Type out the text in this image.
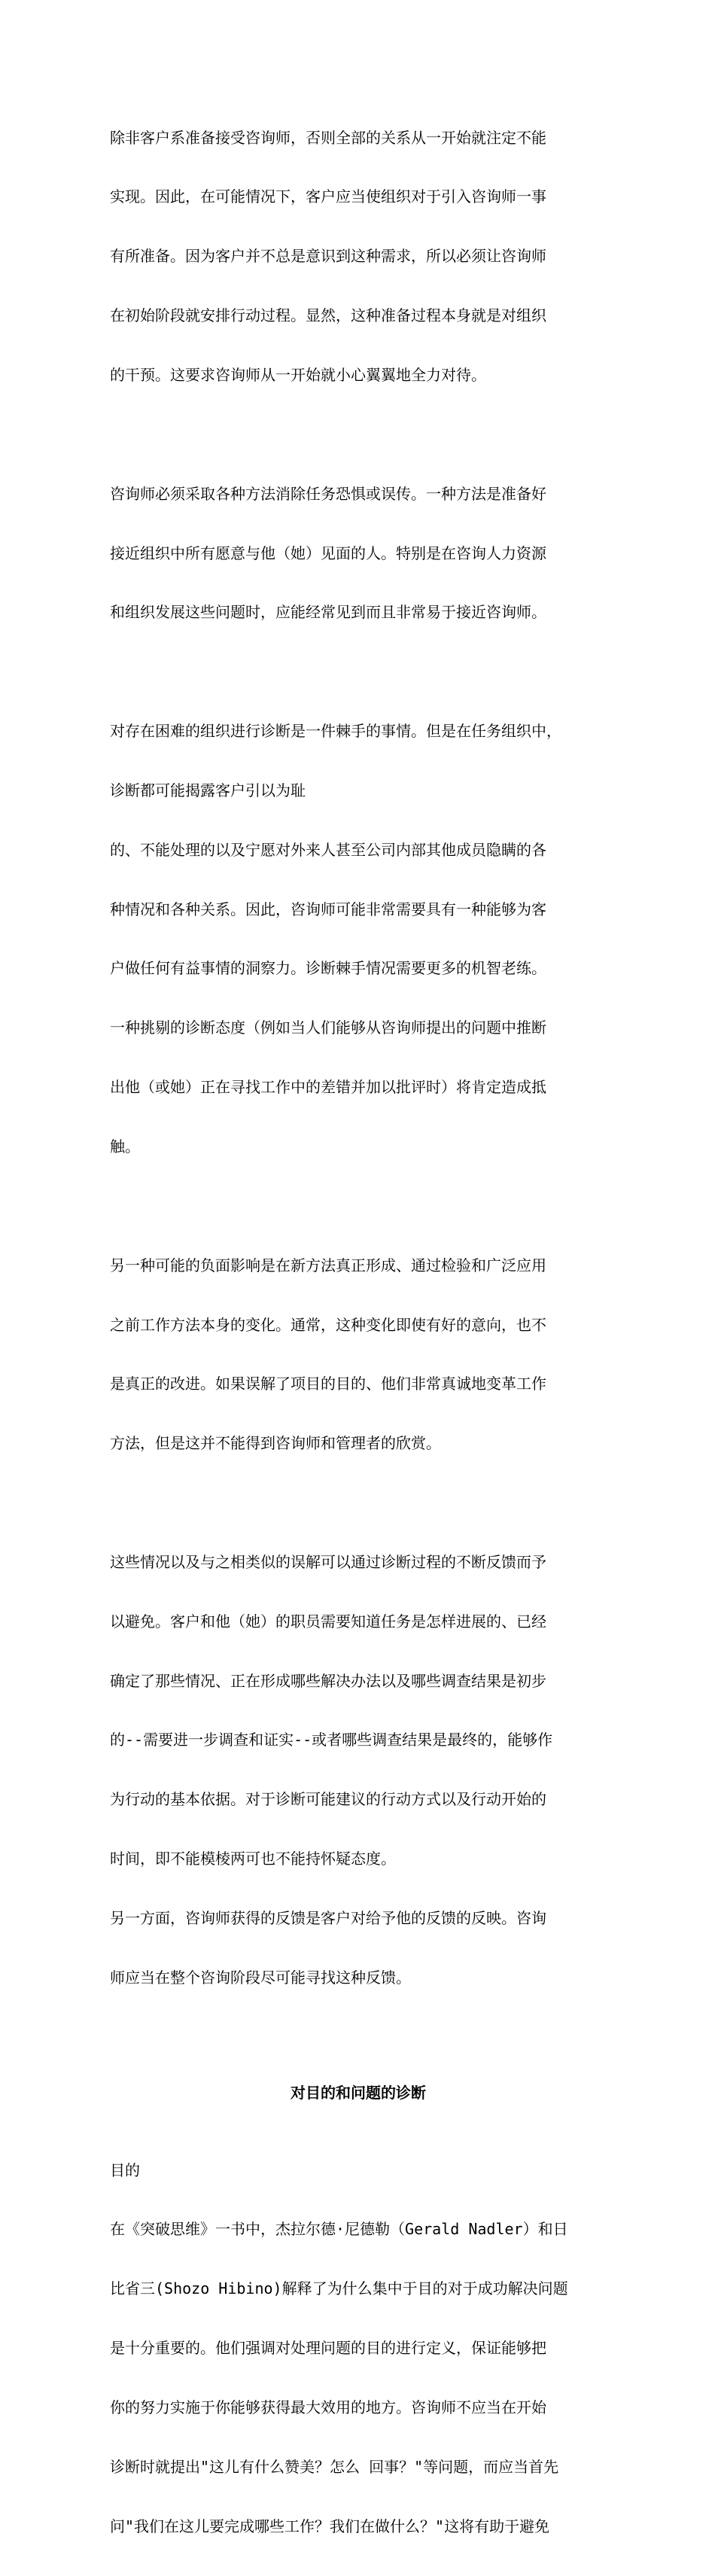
除非客户系准备接受咨询师，否则全部的关系从一开始就注定不能

实现。因此，在可能情况下，客户应当使组织对于引入咨询师一事

有所准备。因为客户并不总是意识到这种需求，所以必须让咨询师

在初始阶段就安排行动过程。显然，这种准备过程本身就是对组织

的干预。这要求咨询师从一开始就小心翼翼地全力对待。

咨询师必须采取各种方法消除任务恐惧或误传。一种方法是准备好

接近组织中所有愿意与他（她）见面的人。特别是在咨询人力资源

和组织发展这些问题时，应能经常见到而且非常易于接近咨询师。

对存在困难的组织进行诊断是一件棘手的事情。但是在任务组织中，

诊断都可能揭露客户引以为耻

的、不能处理的以及宁愿对外来人甚至公司内部其他成员隐瞒的各

种情况和各种关系。因此，咨询师可能非常需要具有一种能够为客

户做任何有益事情的洞察力。诊断棘手情况需要更多的机智老练。

一种挑剔的诊断态度（例如当人们能够从咨询师提出的问题中推断

出他（或她）正在寻找工作中的差错并加以批评时）将肯定造成抵

触。

另一种可能的负面影响是在新方法真正形成、通过检验和广泛应用

之前工作方法本身的变化。通常，这种变化即使有好的意向，也不

是真正的改进。如果误解了项目的目的、他们非常真诚地变革工作

方法，但是这并不能得到咨询师和管理者的欣赏。

这些情况以及与之相类似的误解可以通过诊断过程的不断反馈而予

以避免。客户和他（她）的职员需要知道任务是怎样进展的、已经

确定了那些情况、正在形成哪些解决办法以及哪些调查结果是初步

的--需要进一步调查和证实--或者哪些调查结果是最终的，能够作

为行动的基本依据。对于诊断可能建议的行动方式以及行动开始的

时间，即不能模棱两可也不能持怀疑态度。

另一方面，咨询师获得的反馈是客户对给予他的反馈的反映。咨询

师应当在整个咨询阶段尽可能寻找这种反馈。

对目的和问题的诊断

目的

在《突破思维》一书中，杰拉尔德·尼德勒（Gerald Nadler）和日

比省三(Shozo Hibino)解释了为什么集中于目的对于成功解决问题

是十分重要的。他们强调对处理问题的目的进行定义，保证能够把

你的努力实施于你能够获得最大效用的地方。咨询师不应当在开始

诊断时就提出"这儿有什么赞美？怎么 回事？"等问题，而应当首先

问"我们在这儿要完成哪些工作？我们在做什么？"这将有助于避免
